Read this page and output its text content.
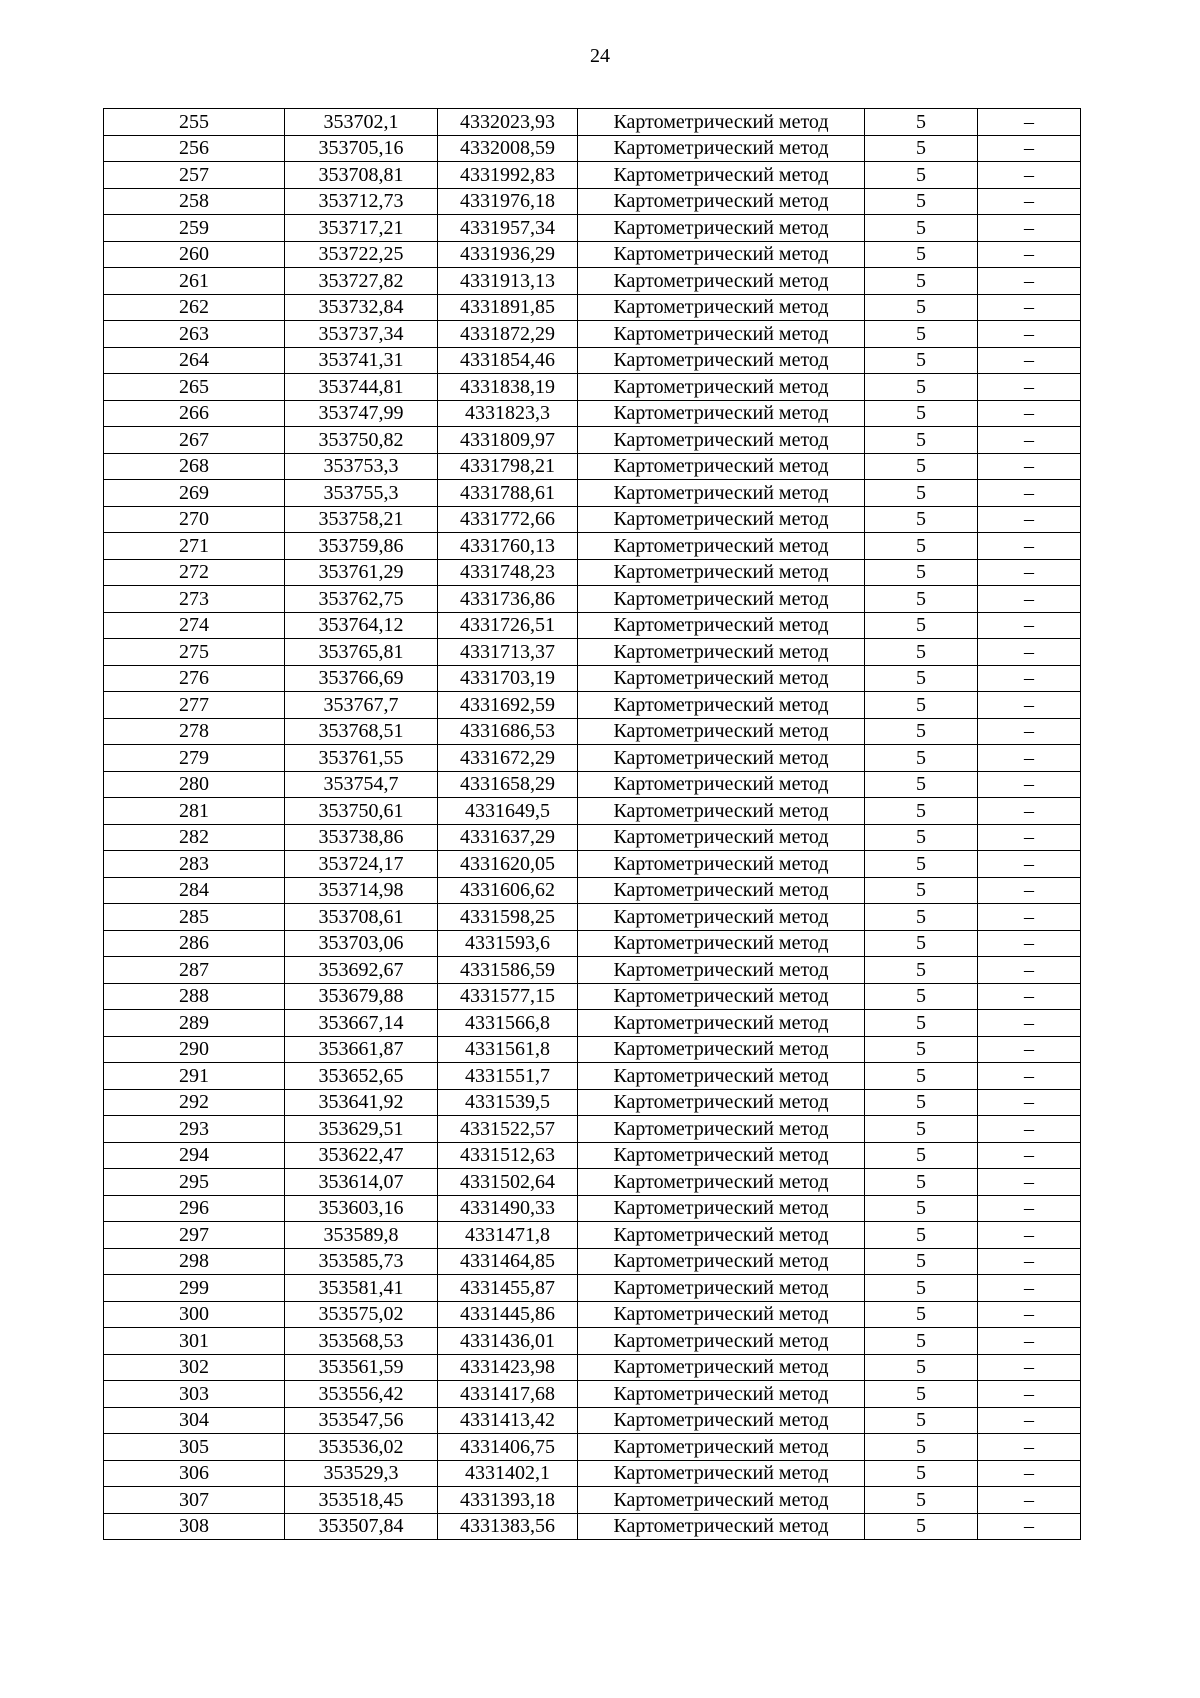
24
255	353702,1	4332023,93	Картометрический метод	5	–
256	353705,16	4332008,59	Картометрический метод	5	–
257	353708,81	4331992,83	Картометрический метод	5	–
258	353712,73	4331976,18	Картометрический метод	5	–
259	353717,21	4331957,34	Картометрический метод	5	–
260	353722,25	4331936,29	Картометрический метод	5	–
261	353727,82	4331913,13	Картометрический метод	5	–
262	353732,84	4331891,85	Картометрический метод	5	–
263	353737,34	4331872,29	Картометрический метод	5	–
264	353741,31	4331854,46	Картометрический метод	5	–
265	353744,81	4331838,19	Картометрический метод	5	–
266	353747,99	4331823,3	Картометрический метод	5	–
267	353750,82	4331809,97	Картометрический метод	5	–
268	353753,3	4331798,21	Картометрический метод	5	–
269	353755,3	4331788,61	Картометрический метод	5	–
270	353758,21	4331772,66	Картометрический метод	5	–
271	353759,86	4331760,13	Картометрический метод	5	–
272	353761,29	4331748,23	Картометрический метод	5	–
273	353762,75	4331736,86	Картометрический метод	5	–
274	353764,12	4331726,51	Картометрический метод	5	–
275	353765,81	4331713,37	Картометрический метод	5	–
276	353766,69	4331703,19	Картометрический метод	5	–
277	353767,7	4331692,59	Картометрический метод	5	–
278	353768,51	4331686,53	Картометрический метод	5	–
279	353761,55	4331672,29	Картометрический метод	5	–
280	353754,7	4331658,29	Картометрический метод	5	–
281	353750,61	4331649,5	Картометрический метод	5	–
282	353738,86	4331637,29	Картометрический метод	5	–
283	353724,17	4331620,05	Картометрический метод	5	–
284	353714,98	4331606,62	Картометрический метод	5	–
285	353708,61	4331598,25	Картометрический метод	5	–
286	353703,06	4331593,6	Картометрический метод	5	–
287	353692,67	4331586,59	Картометрический метод	5	–
288	353679,88	4331577,15	Картометрический метод	5	–
289	353667,14	4331566,8	Картометрический метод	5	–
290	353661,87	4331561,8	Картометрический метод	5	–
291	353652,65	4331551,7	Картометрический метод	5	–
292	353641,92	4331539,5	Картометрический метод	5	–
293	353629,51	4331522,57	Картометрический метод	5	–
294	353622,47	4331512,63	Картометрический метод	5	–
295	353614,07	4331502,64	Картометрический метод	5	–
296	353603,16	4331490,33	Картометрический метод	5	–
297	353589,8	4331471,8	Картометрический метод	5	–
298	353585,73	4331464,85	Картометрический метод	5	–
299	353581,41	4331455,87	Картометрический метод	5	–
300	353575,02	4331445,86	Картометрический метод	5	–
301	353568,53	4331436,01	Картометрический метод	5	–
302	353561,59	4331423,98	Картометрический метод	5	–
303	353556,42	4331417,68	Картометрический метод	5	–
304	353547,56	4331413,42	Картометрический метод	5	–
305	353536,02	4331406,75	Картометрический метод	5	–
306	353529,3	4331402,1	Картометрический метод	5	–
307	353518,45	4331393,18	Картометрический метод	5	–
308	353507,84	4331383,56	Картометрический метод	5	–
